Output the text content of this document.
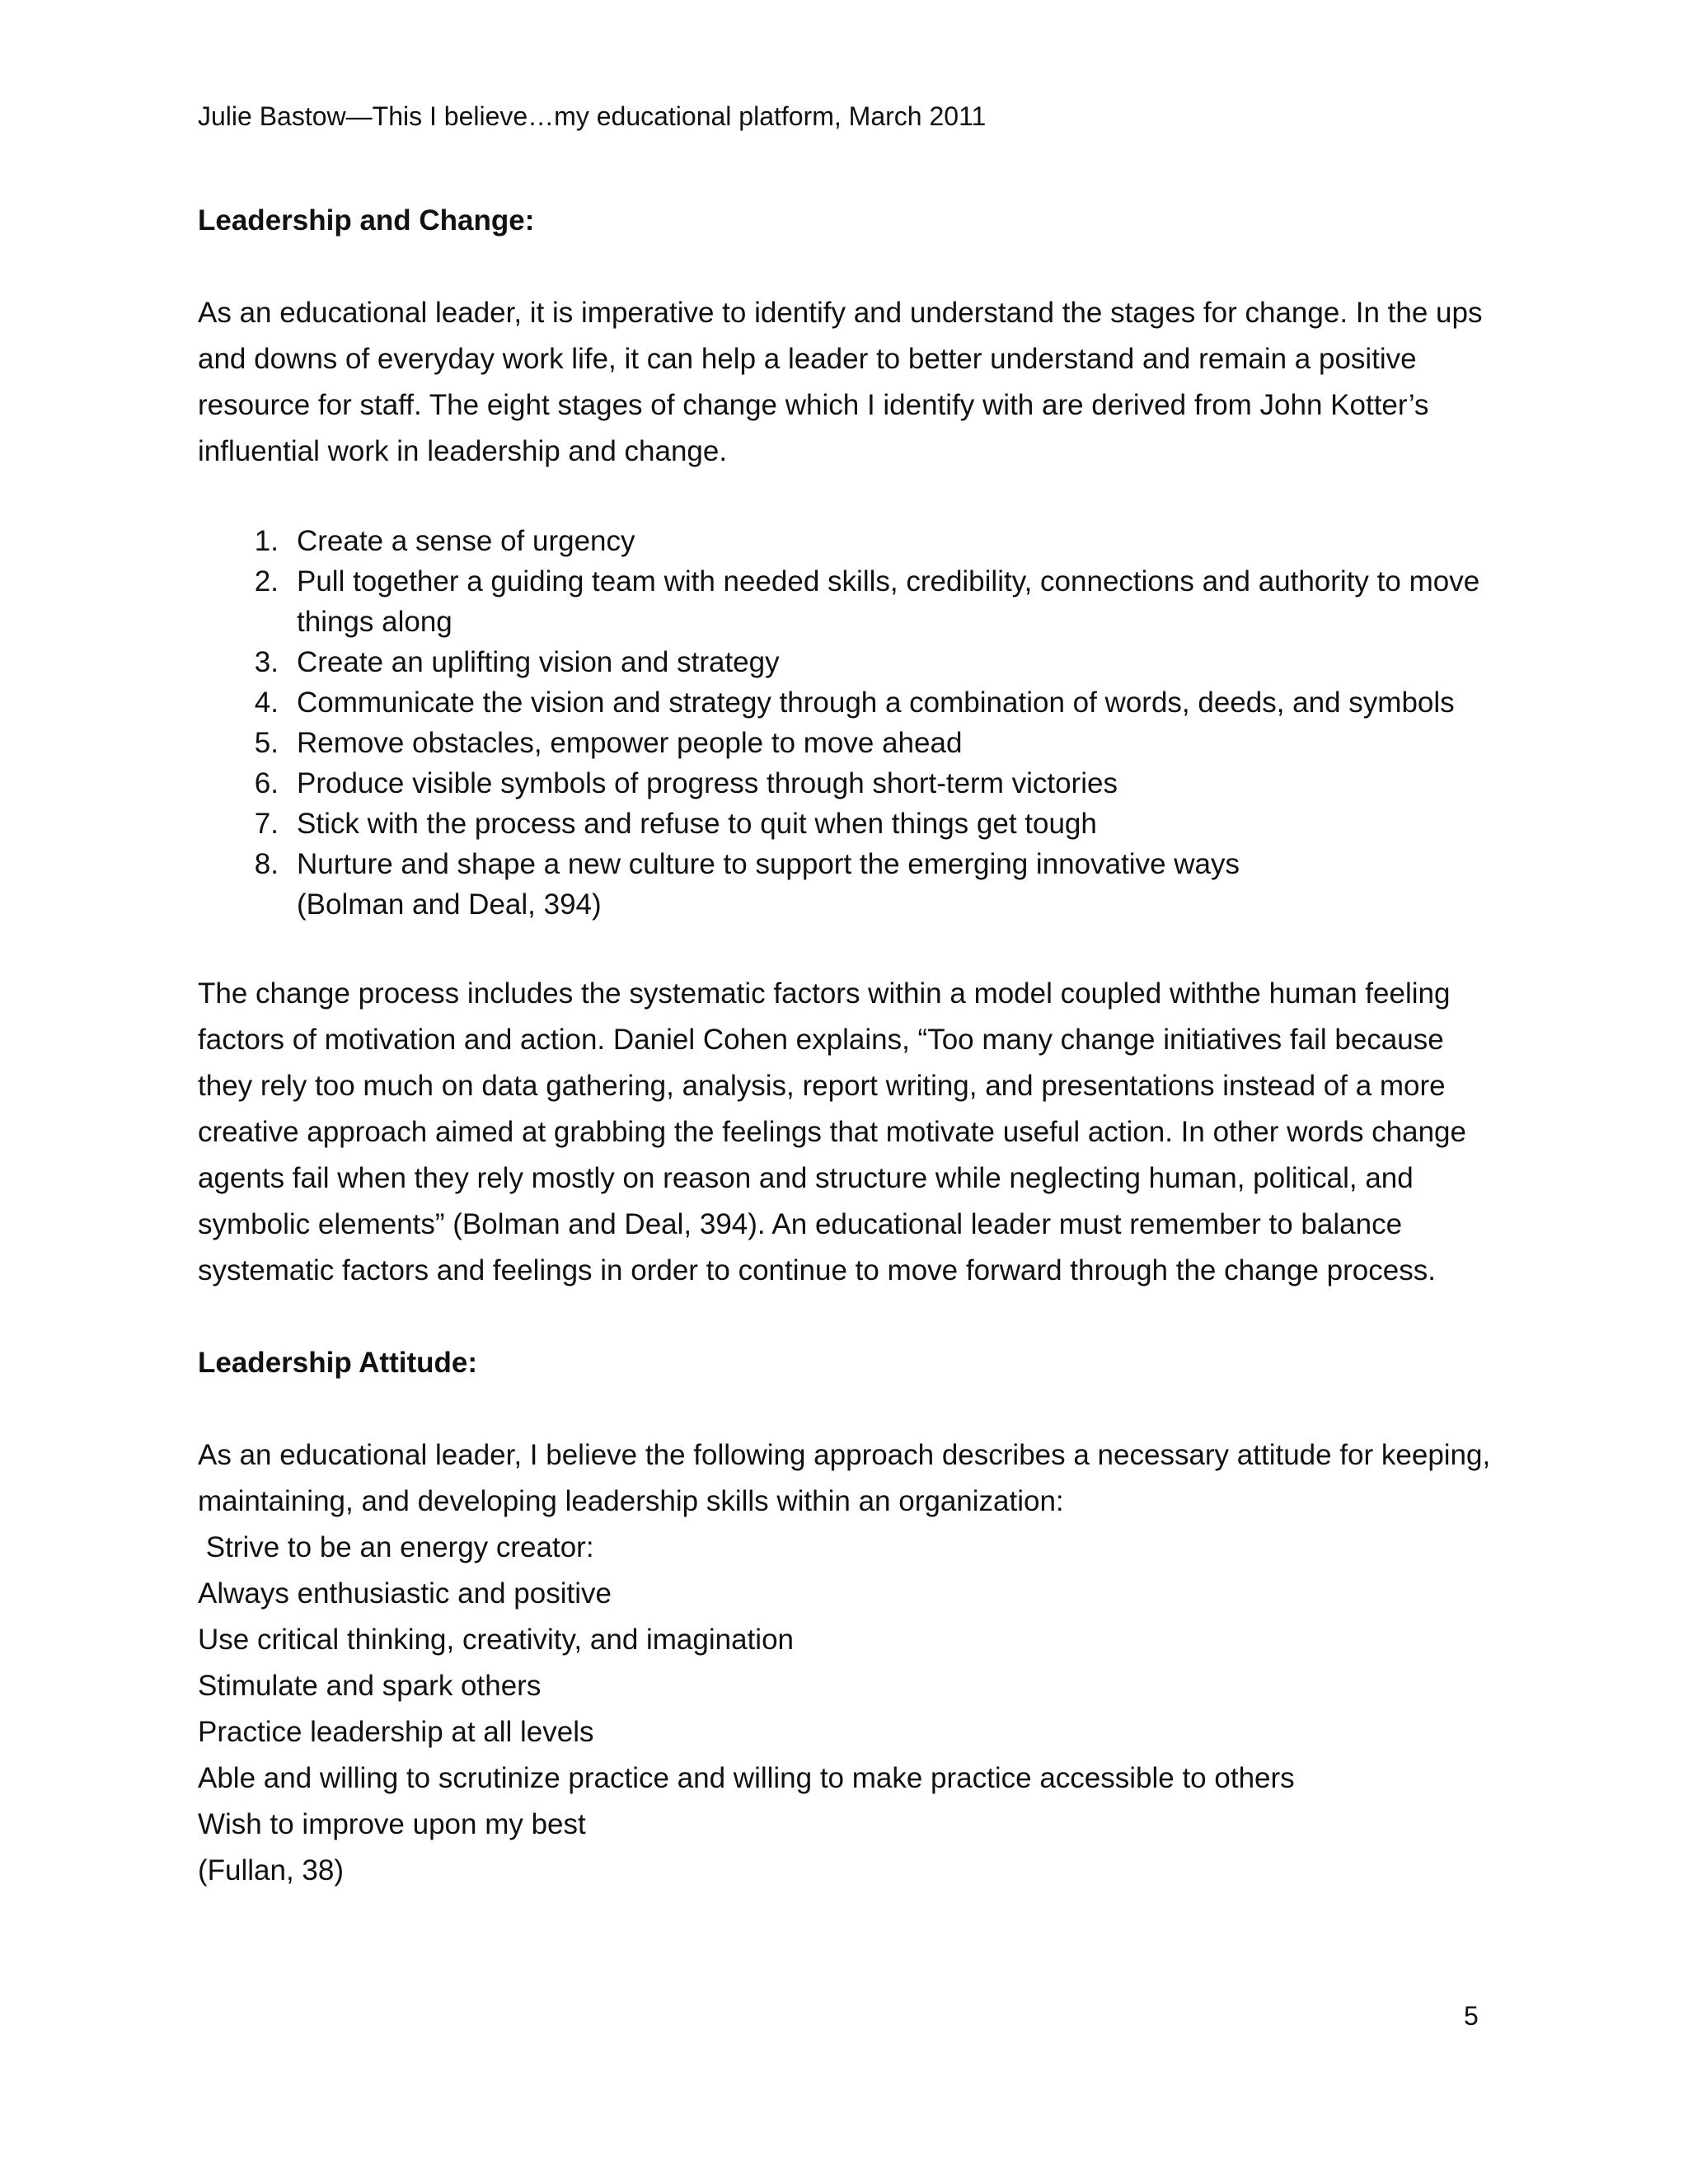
Julie Bastow—This I believe…my educational platform, March 2011
Leadership and Change:

As an educational leader, it is imperative to identify and understand the stages for change. In the ups and downs of everyday work life, it can help a leader to better understand and remain a positive resource for staff. The eight stages of change which I identify with are derived from John Kotter’s influential work in leadership and change.

1. Create a sense of urgency
2. Pull together a guiding team with needed skills, credibility, connections and authority to move things along
3. Create an uplifting vision and strategy
4. Communicate the vision and strategy through a combination of words, deeds, and symbols
5. Remove obstacles, empower people to move ahead
6. Produce visible symbols of progress through short-term victories
7. Stick with the process and refuse to quit when things get tough
8. Nurture and shape a new culture to support the emerging innovative ways
(Bolman and Deal, 394)

The change process includes the systematic factors within a model coupled withthe human feeling factors of motivation and action. Daniel Cohen explains, “Too many change initiatives fail because they rely too much on data gathering, analysis, report writing, and presentations instead of a more creative approach aimed at grabbing the feelings that motivate useful action. In other words change agents fail when they rely mostly on reason and structure while neglecting human, political, and symbolic elements” (Bolman and Deal, 394). An educational leader must remember to balance systematic factors and feelings in order to continue to move forward through the change process.

Leadership Attitude:

As an educational leader, I believe the following approach describes a necessary attitude for keeping, maintaining, and developing leadership skills within an organization:
Strive to be an energy creator:

Always enthusiastic and positive
Use critical thinking, creativity, and imagination
Stimulate and spark others
Practice leadership at all levels
Able and willing to scrutinize practice and willing to make practice accessible to others
Wish to improve upon my best
(Fullan, 38)
5
